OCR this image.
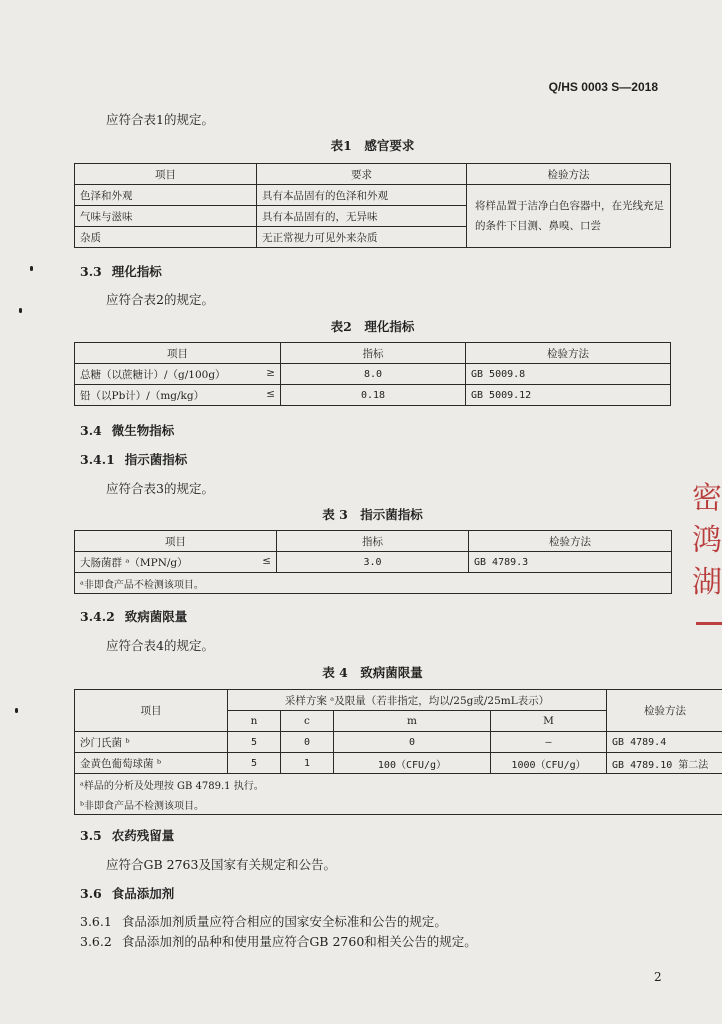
Q/HS 0003 S—2018
应符合表1的规定。
表1　感官要求
项目	要求	检验方法
色泽和外观	具有本品固有的色泽和外观	将样品置于洁净白色容器中，在光线充足的条件下目测、鼻嗅、口尝
气味与滋味	具有本品固有的，无异味	
杂质	无正常视力可见外来杂质	
3.3 理化指标
应符合表2的规定。
表2　理化指标
项目	指标	检验方法
总糖（以蔗糖计）/（g/100g） ≥	8.0	GB 5009.8
铅（以Pb计）/（mg/kg） ≤	0.18	GB 5009.12
3.4 微生物指标
3.4.1 指示菌指标
应符合表3的规定。
表 3　指示菌指标
项目	指标	检验方法
大肠菌群 ᵃ（MPN/g） ≤	3.0	GB 4789.3
ᵃ非即食产品不检测该项目。		
3.4.2 致病菌限量
应符合表4的规定。
表 4　致病菌限量
项目	采样方案 ᵃ及限量（若非指定，均以/25g或/25mL表示）				检验方法
	n	c	m	M	
沙门氏菌 ᵇ	5	0	0	—	GB 4789.4
金黄色葡萄球菌 ᵇ	5	1	100（CFU/g）	1000（CFU/g）	GB 4789.10 第二法
ᵃ样品的分析及处理按 GB 4789.1 执行。					
ᵇ非即食产品不检测该项目。					
3.5 农药残留量
应符合GB 2763及国家有关规定和公告。
3.6 食品添加剂
3.6.1 食品添加剂质量应符合相应的国家安全标准和公告的规定。
3.6.2 食品添加剂的品种和使用量应符合GB 2760和相关公告的规定。
2
密
鸿
湖
